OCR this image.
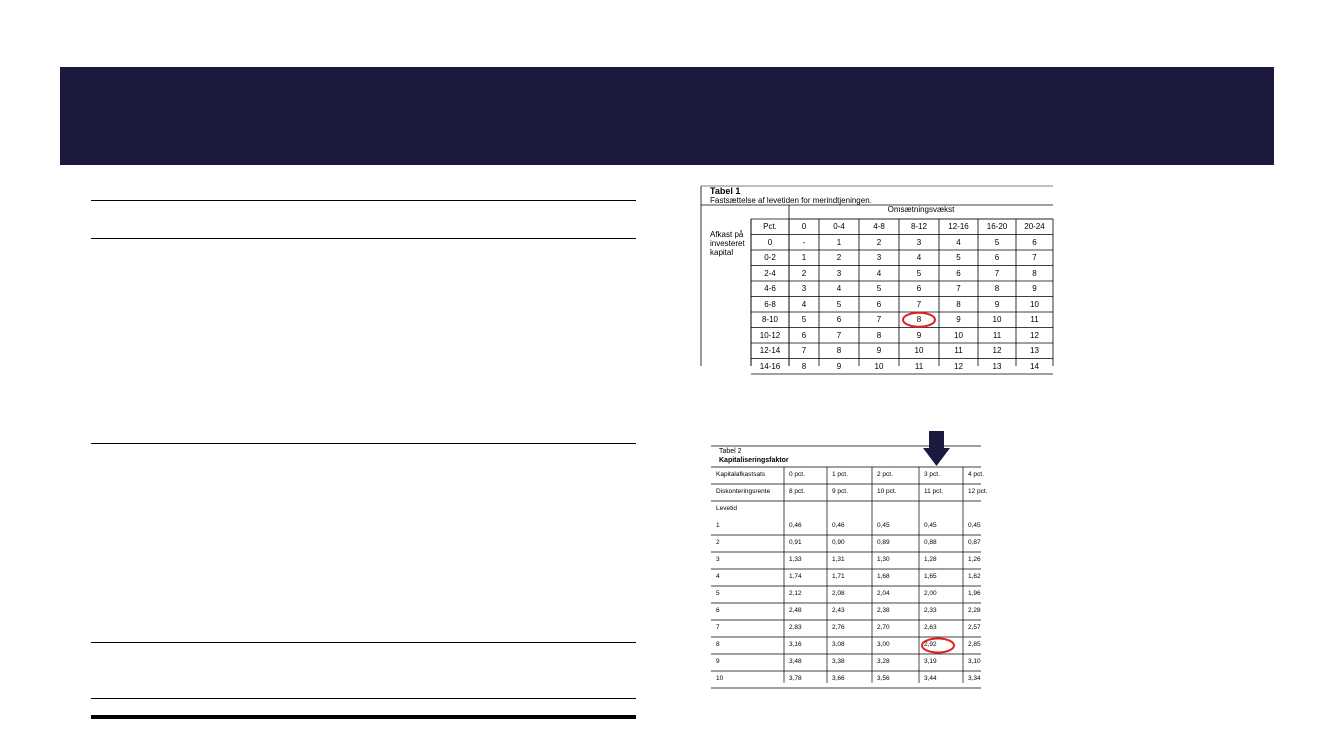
Tabel 1
Fastsættelse af levetiden for merindtjeningen.
Omsætningsvækst
Afkast på
investeret
kapital
Pct.	0	0-4	4-8	8-12	12-16	16-20	20-24
0	-	1	2	3	4	5	6
0-2	1	2	3	4	5	6	7
2-4	2	3	4	5	6	7	8
4-6	3	4	5	6	7	8	9
6-8	4	5	6	7	8	9	10
8-10	5	6	7	8	9	10	11
10-12	6	7	8	9	10	11	12
12-14	7	8	9	10	11	12	13
14-16	8	9	10	11	12	13	14
Tabel 2
Kapitaliseringsfaktor
Kapitalafkastsats	0 pct.	1 pct.	2 pct.	3 pct.	4 pct.
Diskonteringsrente	8 pct.	9 pct.	10 pct.	11 pct.	12 pct.
Levetid
1	0,46	0,46	0,45	0,45	0,45
2	0,91	0,90	0,89	0,88	0,87
3	1,33	1,31	1,30	1,28	1,26
4	1,74	1,71	1,68	1,65	1,62
5	2,12	2,08	2,04	2,00	1,96
6	2,48	2,43	2,38	2,33	2,28
7	2,83	2,76	2,70	2,63	2,57
8	3,16	3,08	3,00	2,92	2,85
9	3,48	3,38	3,28	3,19	3,10
10	3,78	3,66	3,56	3,44	3,34
